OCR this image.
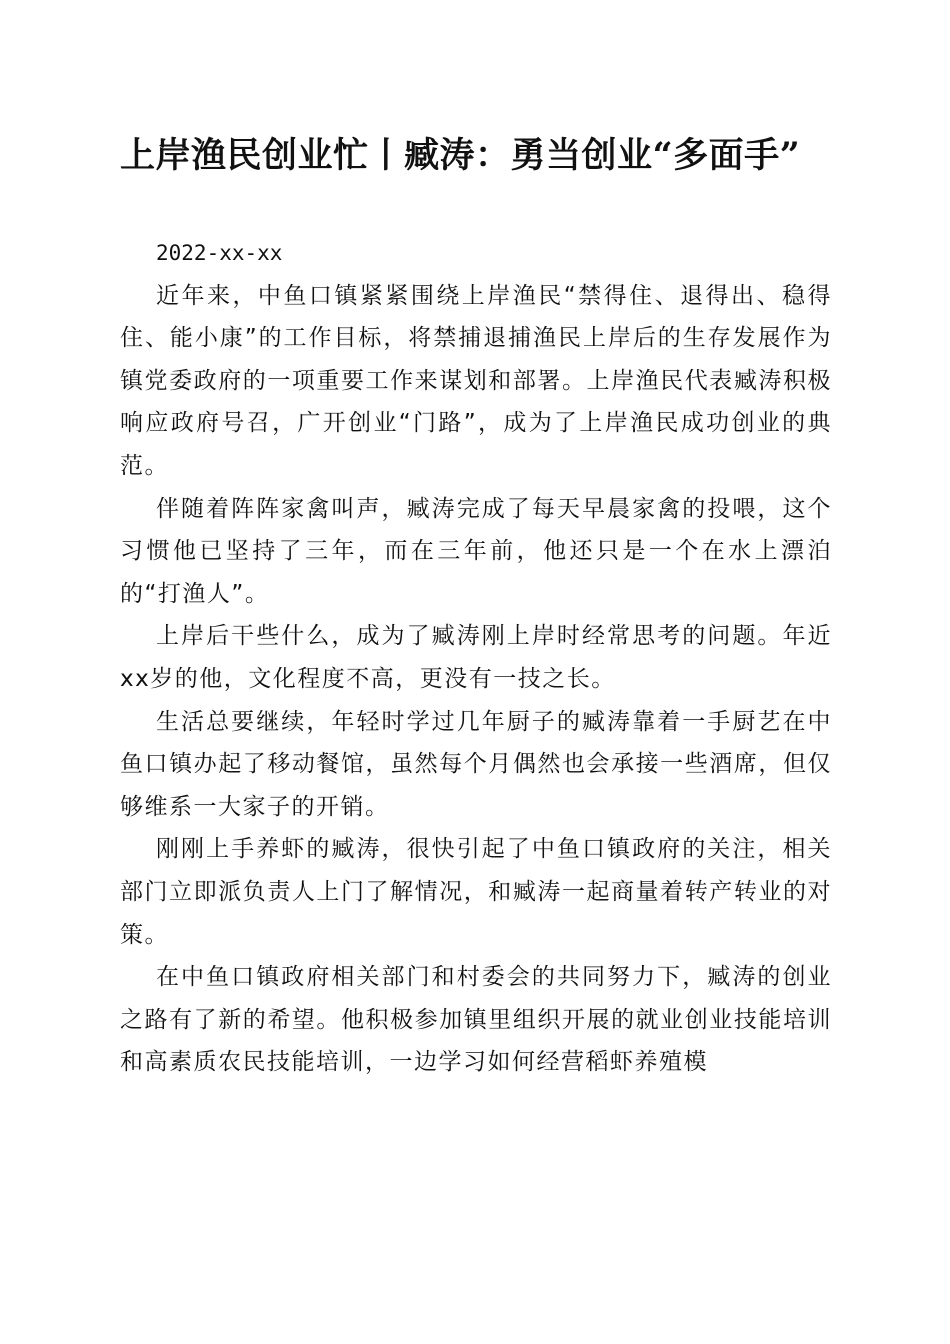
上岸渔民创业忙丨臧涛：勇当创业“多面手”

2022-xx-xx

近年来，中鱼口镇紧紧围绕上岸渔民“禁得住、退得出、稳得住、能小康”的工作目标，将禁捕退捕渔民上岸后的生存发展作为镇党委政府的一项重要工作来谋划和部署。上岸渔民代表臧涛积极响应政府号召，广开创业“门路”，成为了上岸渔民成功创业的典范。

伴随着阵阵家禽叫声，臧涛完成了每天早晨家禽的投喂，这个习惯他已坚持了三年，而在三年前，他还只是一个在水上漂泊的“打渔人”。

上岸后干些什么，成为了臧涛刚上岸时经常思考的问题。年近xx岁的他，文化程度不高，更没有一技之长。

生活总要继续，年轻时学过几年厨子的臧涛靠着一手厨艺在中鱼口镇办起了移动餐馆，虽然每个月偶然也会承接一些酒席，但仅够维系一大家子的开销。

刚刚上手养虾的臧涛，很快引起了中鱼口镇政府的关注，相关部门立即派负责人上门了解情况，和臧涛一起商量着转产转业的对策。

在中鱼口镇政府相关部门和村委会的共同努力下，臧涛的创业之路有了新的希望。他积极参加镇里组织开展的就业创业技能培训和高素质农民技能培训，一边学习如何经营稻虾养殖模
